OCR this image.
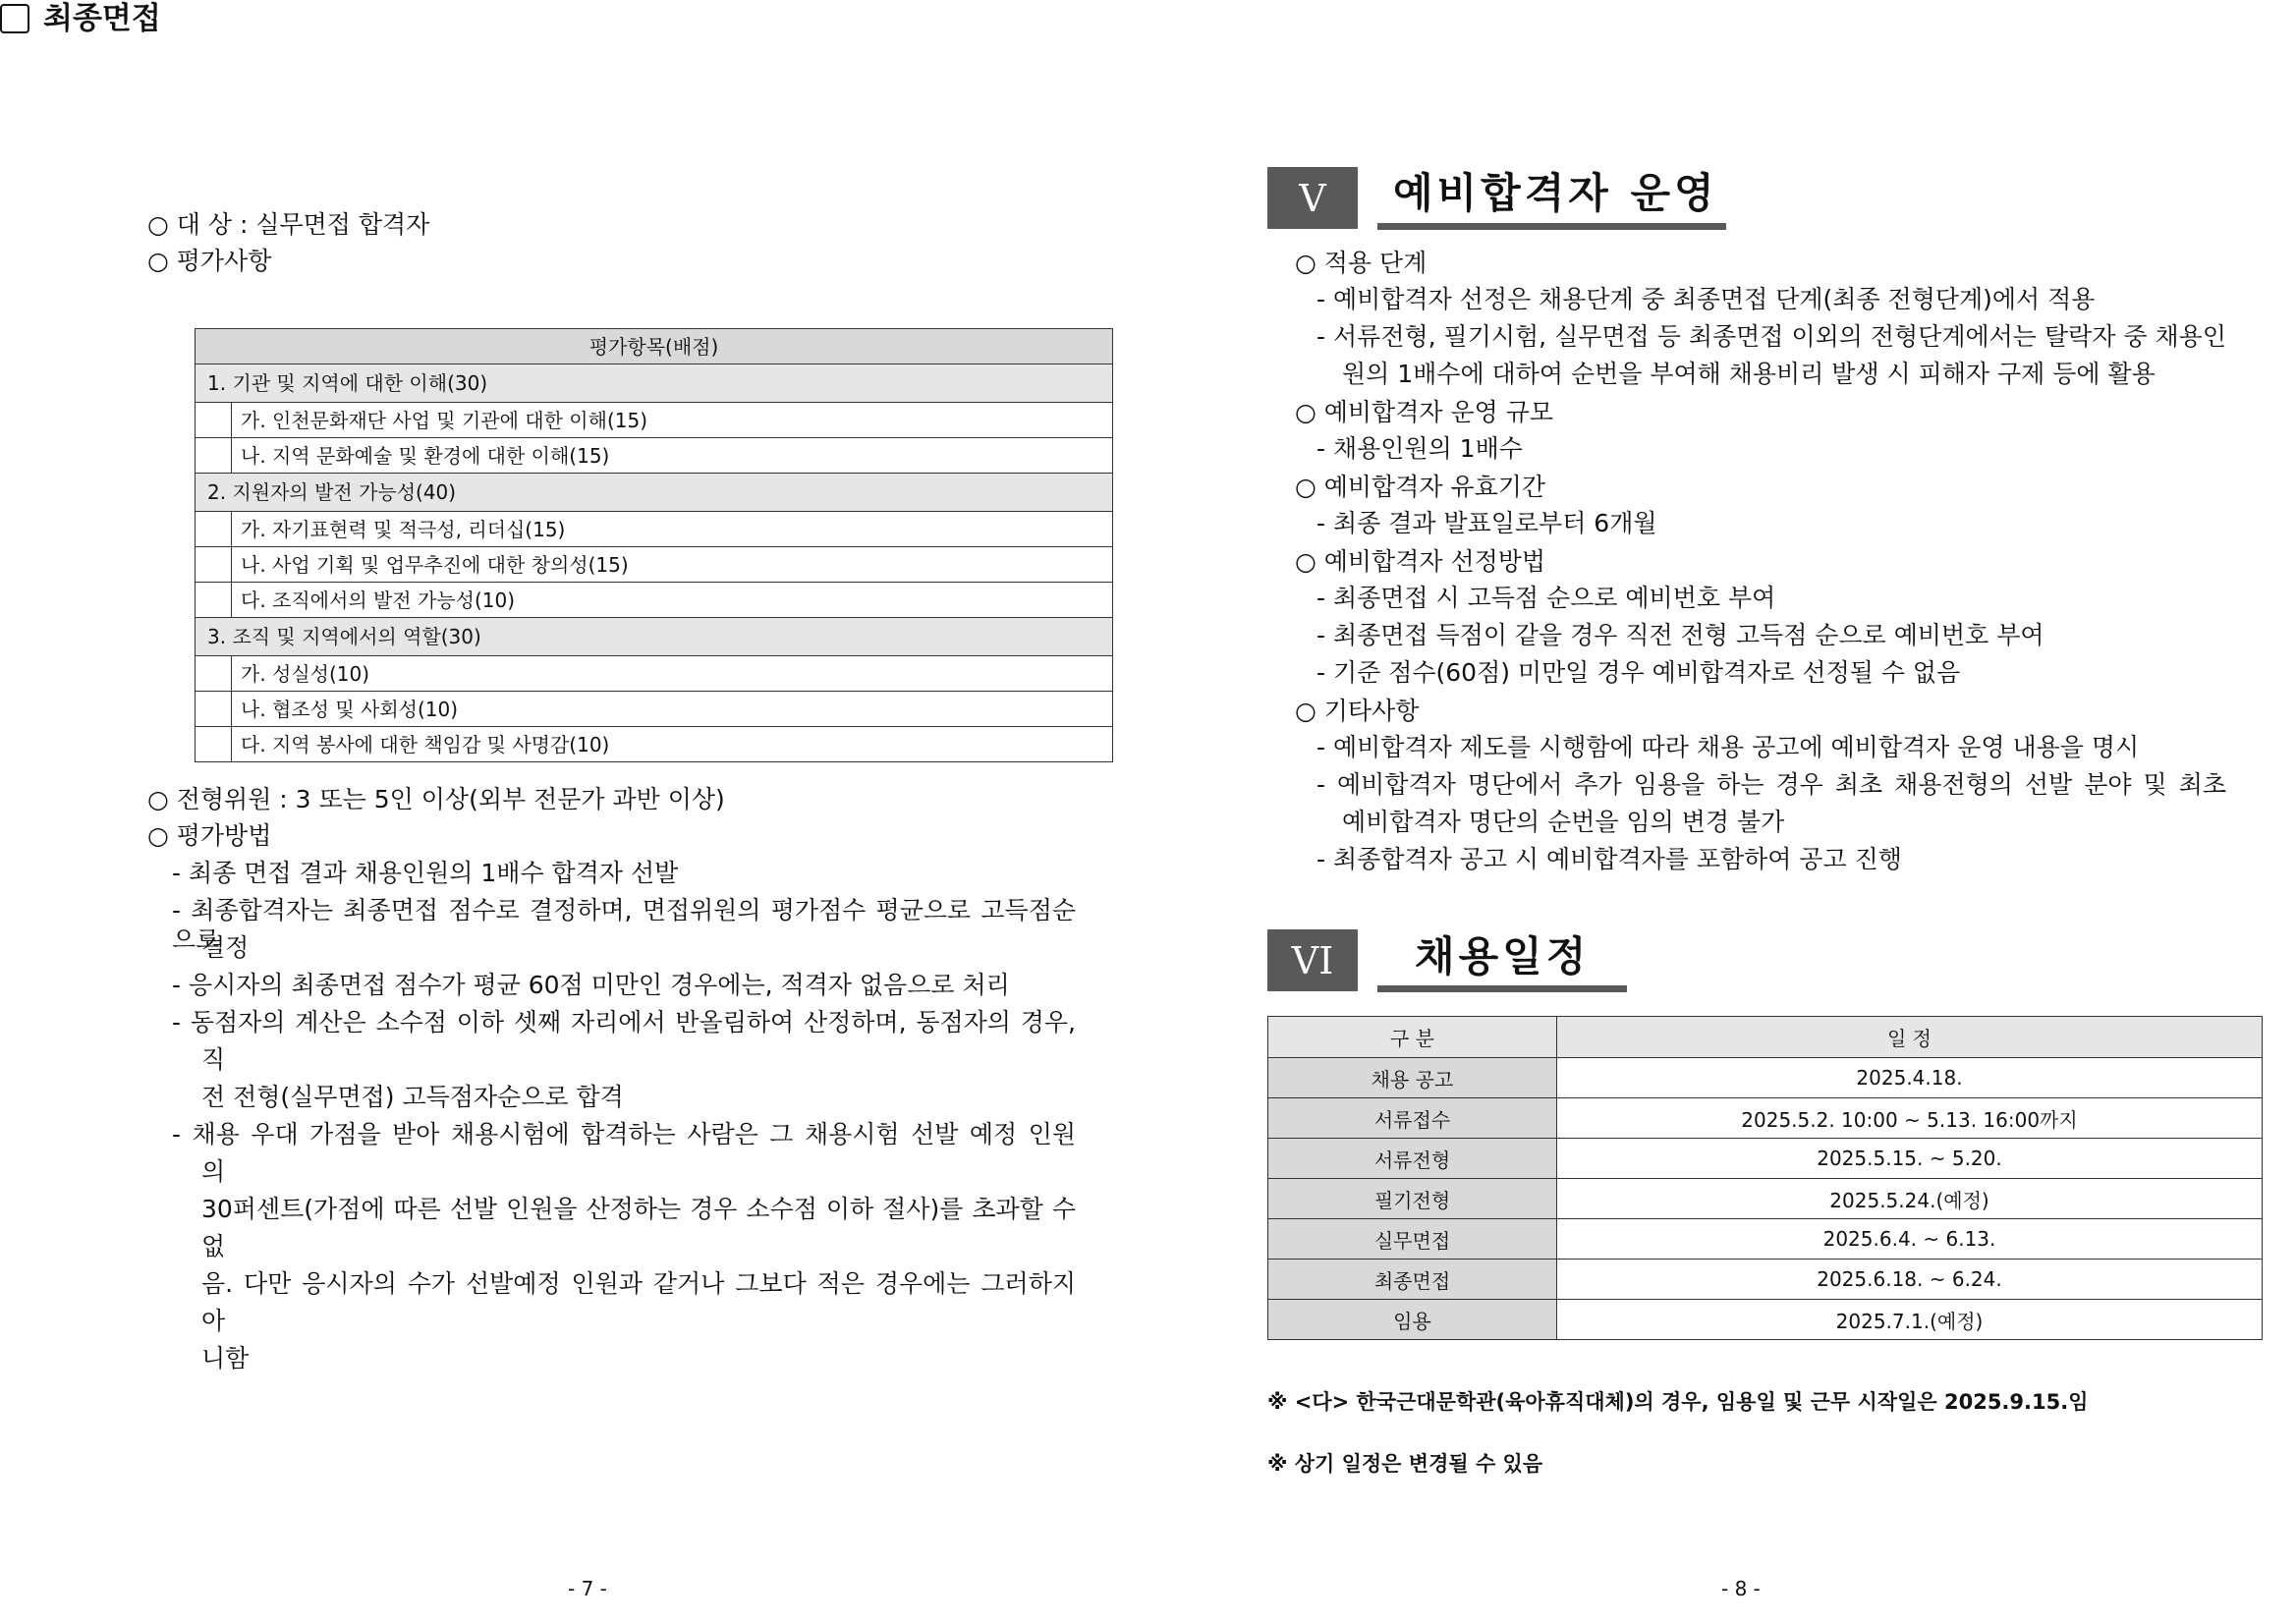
최종면접
○ 대 상 : 실무면접 합격자
○ 평가사항
평가항목(배점)
1. 기관 및 지역에 대한 이해(30)

가. 인천문화재단 사업 및 기관에 대한 이해(15)

나. 지역 문화예술 및 환경에 대한 이해(15)
2. 지원자의 발전 가능성(40)

가. 자기표현력 및 적극성, 리더십(15)

나. 사업 기획 및 업무추진에 대한 창의성(15)

다. 조직에서의 발전 가능성(10)
3. 조직 및 지역에서의 역할(30)

가. 성실성(10)

나. 협조성 및 사회성(10)

다. 지역 봉사에 대한 책임감 및 사명감(10)
○ 전형위원 : 3 또는 5인 이상(외부 전문가 과반 이상)
○ 평가방법
- 최종 면접 결과 채용인원의 1배수 합격자 선발
- 최종합격자는 최종면접 점수로 결정하며, 면접위원의 평가점수 평균으로 고득점순으로
결정
- 응시자의 최종면접 점수가 평균 60점 미만인 경우에는, 적격자 없음으로 처리
- 동점자의 계산은 소수점 이하 셋째 자리에서 반올림하여 산정하며, 동점자의 경우,
직
전 전형(실무면접) 고득점자순으로 합격
- 채용 우대 가점을 받아 채용시험에 합격하는 사람은 그 채용시험 선발 예정 인원
의
30퍼센트(가점에 따른 선발 인원을 산정하는 경우 소수점 이하 절사)를 초과할 수
없
음. 다만 응시자의 수가 선발예정 인원과 같거나 그보다 적은 경우에는 그러하지
아
니함
- 7 -
V 예비합격자 운영
○ 적용 단계
- 예비합격자 선정은 채용단계 중 최종면접 단계(최종 전형단계)에서 적용
- 서류전형, 필기시험, 실무면접 등 최종면접 이외의 전형단계에서는 탈락자 중 채용인
원의 1배수에 대하여 순번을 부여해 채용비리 발생 시 피해자 구제 등에 활용
○ 예비합격자 운영 규모
- 채용인원의 1배수
○ 예비합격자 유효기간
- 최종 결과 발표일로부터 6개월
○ 예비합격자 선정방법
- 최종면접 시 고득점 순으로 예비번호 부여
- 최종면접 득점이 같을 경우 직전 전형 고득점 순으로 예비번호 부여
- 기준 점수(60점) 미만일 경우 예비합격자로 선정될 수 없음
○ 기타사항
- 예비합격자 제도를 시행함에 따라 채용 공고에 예비합격자 운영 내용을 명시
- 예비합격자 명단에서 추가 임용을 하는 경우 최초 채용전형의 선발 분야 및 최초
예비합격자 명단의 순번을 임의 변경 불가
- 최종합격자 공고 시 예비합격자를 포함하여 공고 진행
VI 채용일정
구 분	일 정
채용 공고	2025.4.18.
서류접수	2025.5.2. 10:00 ~ 5.13. 16:00까지
서류전형	2025.5.15. ~ 5.20.
필기전형	2025.5.24.(예정)
실무면접	2025.6.4. ~ 6.13.
최종면접	2025.6.18. ~ 6.24.
임용	2025.7.1.(예정)
※ <다> 한국근대문학관(육아휴직대체)의 경우, 임용일 및 근무 시작일은 2025.9.15.임
※ 상기 일정은 변경될 수 있음
- 8 -
